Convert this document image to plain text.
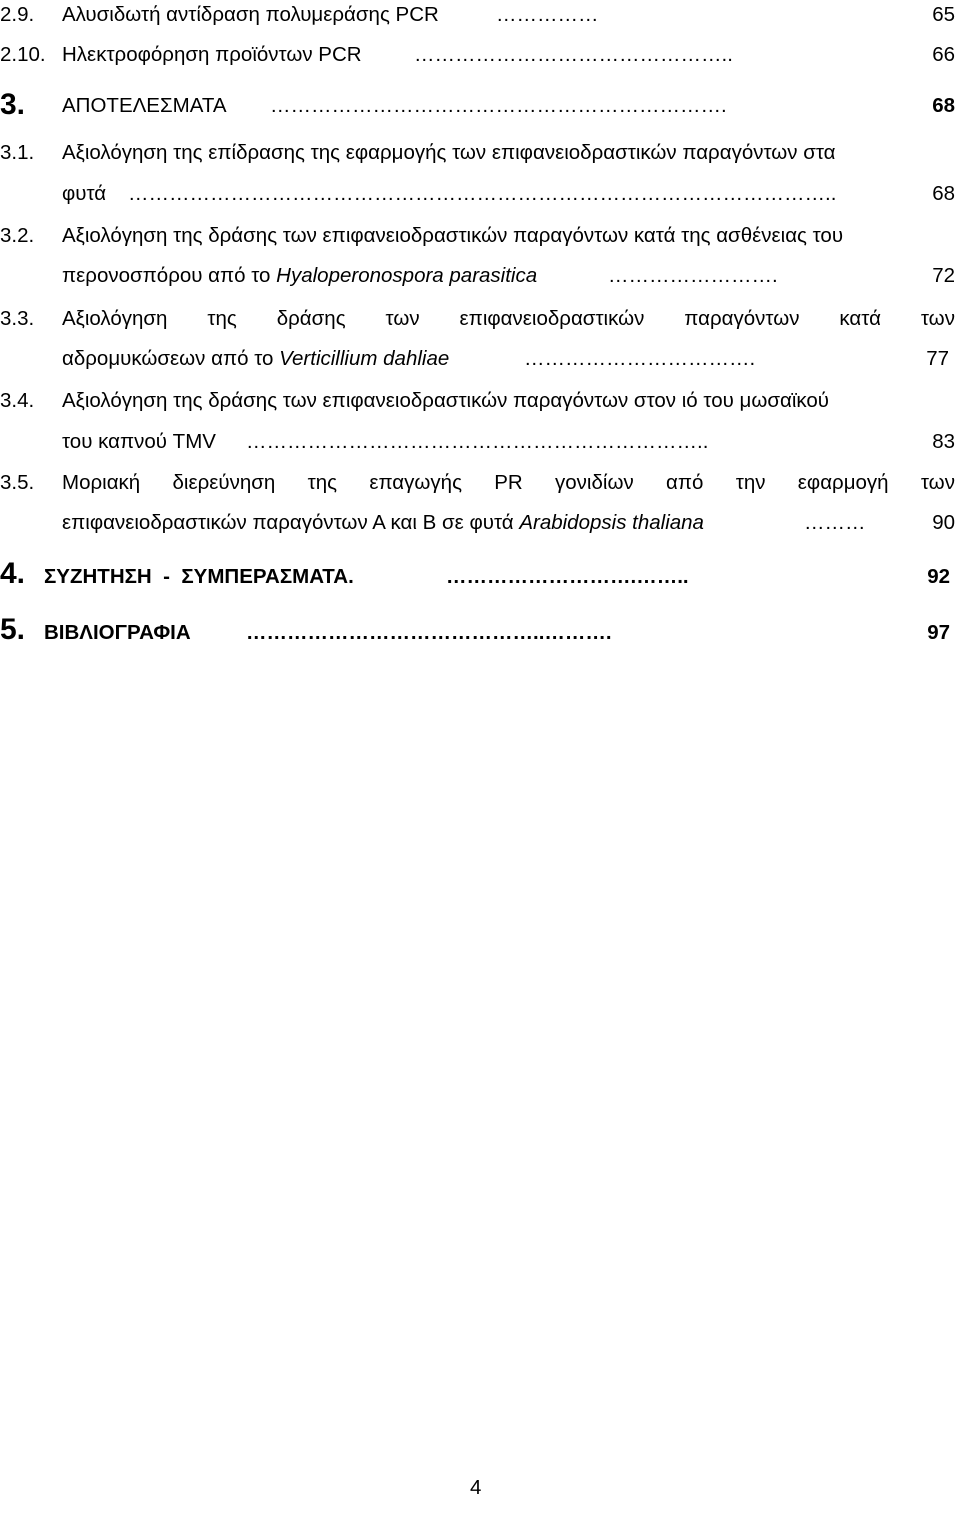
2.9. Αλυσιδωτή αντίδραση πολυμεράσης PCR	……………	65
2.10. Ηλεκτροφόρηση προϊόντων PCR	………………………………………..	66
3. ΑΠΟΤΕΛΕΣΜΑΤΑ ………………………………………………………….	68
3.1. Αξιολόγηση της επίδρασης της εφαρμογής των επιφανειοδραστικών παραγόντων στα
φυτά …………………………………………………………………………………………..	68
3.2. Αξιολόγηση της δράσης των επιφανειοδραστικών παραγόντων κατά της ασθένειας του
περονοσπόρου από το Hyaloperonospora parasitica	…………………….	72
3.3. Αξιολόγηση της δράσης των επιφανειοδραστικών παραγόντων κατά των
αδρομυκώσεων από το Verticillium dahliae	…………………………….	77
3.4. Αξιολόγηση της δράσης των επιφανειοδραστικών παραγόντων στον ιό του μωσαϊκού
του καπνού TMV …………………………………………………………..	83
3.5. Μοριακή διερεύνηση της επαγωγής PR γονιδίων από την εφαρμογή των
επιφανειοδραστικών παραγόντων Α και Β σε φυτά Arabidopsis thaliana	………	90
4. ΣΥΖΗΤΗΣΗ  -  ΣΥΜΠΕΡΑΣΜΑΤΑ.	……………………….……..	92
5. ΒΙΒΛΙΟΓΡΑΦΙΑ	……………………………………..……….	97
4
